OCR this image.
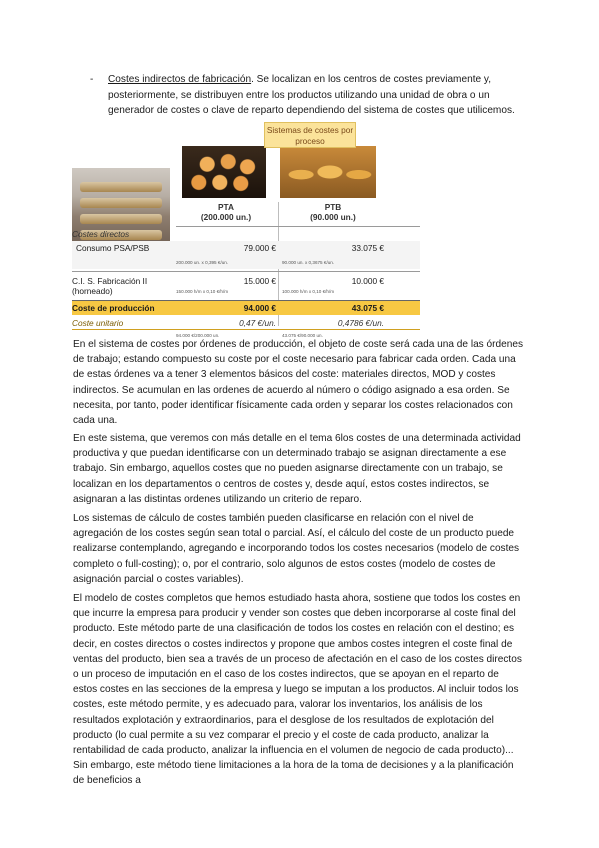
- Costes indirectos de fabricación. Se localizan en los centros de costes previamente y, posteriormente, se distribuyen entre los productos utilizando una unidad de obra o un generador de costes o clave de reparto dependiendo del sistema de costes que utilicemos.
Sistemas de costes por proceso
PTA
(200.000 un.)
PTB
(90.000 un.)
Costes directos
Consumo PSA/PSB	79.000 €	33.075 €
200.000 un. x 0,395 €/un.	90.000 un. x 0,3675 €/un.
C.I. S. Fabricación II
(horneado)
15.000 €	10.000 €
150.000 h/m x 0,10 €/h/m	100.000 h/m x 0,10 €/h/m
Coste de producción	94.000 €	43.075 €
Coste unitario	0,47 €/un.	0,4786 €/un.
94.000 €/200.000 un.	43.075 €/90.000 un.
En el sistema de costes por órdenes de producción, el objeto de coste será cada una de las órdenes de trabajo; estando compuesto su coste por el coste necesario para fabricar cada orden. Cada una de estas órdenes va a tener 3 elementos básicos del coste: materiales directos, MOD y costes indirectos. Se acumulan en las ordenes de acuerdo al número o código asignado a esa orden. Se necesita, por tanto, poder identificar físicamente cada orden y separar los costes relacionados con cada una.
En este sistema, que veremos con más detalle en el tema 6los costes de una determinada actividad productiva y que puedan identificarse con un determinado trabajo se asignan directamente a ese trabajo. Sin embargo, aquellos costes que no pueden asignarse directamente con un trabajo, se localizan en los departamentos o centros de costes y, desde aquí, estos costes indirectos, se asignaran a las distintas ordenes utilizando un criterio de reparo.
Los sistemas de cálculo de costes también pueden clasificarse en relación con el nivel de agregación de los costes según sean total o parcial. Así, el cálculo del coste de un producto puede realizarse contemplando, agregando e incorporando todos los costes necesarios (modelo de costes completo o full-costing); o, por el contrario, solo algunos de estos costes (modelo de costes de asignación parcial o costes variables).
El modelo de costes completos que hemos estudiado hasta ahora, sostiene que todos los costes en que incurre la empresa para producir y vender son costes que deben incorporarse al coste final del producto. Este método parte de una clasificación de todos los costes en relación con el destino; es decir, en costes directos o costes indirectos y propone que ambos costes integren el coste final de ventas del producto, bien sea a través de un proceso de afectación en el caso de los costes directos o un proceso de imputación en el caso de los costes indirectos, que se apoyan en el reparto de estos costes en las secciones de la empresa y luego se imputan a los productos. Al incluir todos los costes, este método permite, y es adecuado para, valorar los inventarios, los análisis de los resultados explotación y extraordinarios, para el desglose de los resultados de explotación del producto (lo cual permite a su vez comparar el precio y el coste de cada producto, analizar la rentabilidad de cada producto, analizar la influencia en el volumen de negocio de cada producto)... Sin embargo, este método tiene limitaciones a la hora de la toma de decisiones y a la planificación de beneficios a
